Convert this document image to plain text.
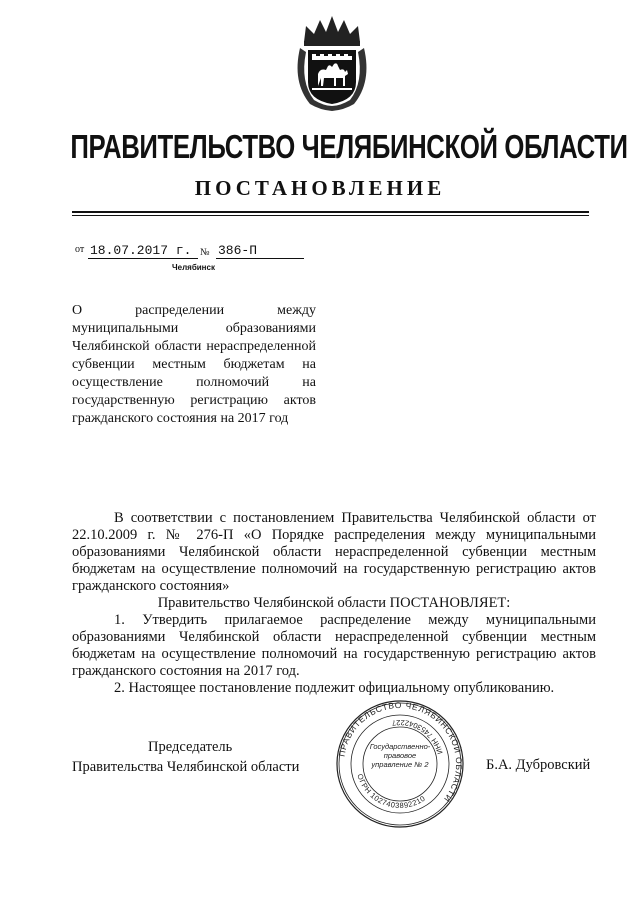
ПРАВИТЕЛЬСТВО ЧЕЛЯБИНСКОЙ ОБЛАСТИ
ПОСТАНОВЛЕНИЕ
от 18.07.2017 г. № 386-П
Челябинск
О распределении между муниципальными образованиями Челябинской области нераспределенной субвенции местным бюджетам на осуществление полномочий на государственную регистрацию актов гражданского состояния на 2017 год

В соответствии с постановлением Правительства Челябинской области от 22.10.2009 г. № 276-П «О Порядке распределения между муниципальными образованиями Челябинской области нераспределенной субвенции местным бюджетам на осуществление полномочий на государственную регистрацию актов гражданского состояния»

Правительство Челябинской области ПОСТАНОВЛЯЕТ:

1. Утвердить прилагаемое распределение между муниципальными образованиями Челябинской области нераспределенной субвенции местным бюджетам на осуществление полномочий на государственную регистрацию актов гражданского состояния на 2017 год.

2. Настоящее постановление подлежит официальному опубликованию.

Председатель
Правительства Челябинской области	Б.А. Дубровский
ПРАВИТЕЛЬСТВО ЧЕЛЯБИНСКОЙ ОБЛАСТИ
ОГРН 1027403892210
ИНН 7453042227
Государственно-правовое управление № 2
